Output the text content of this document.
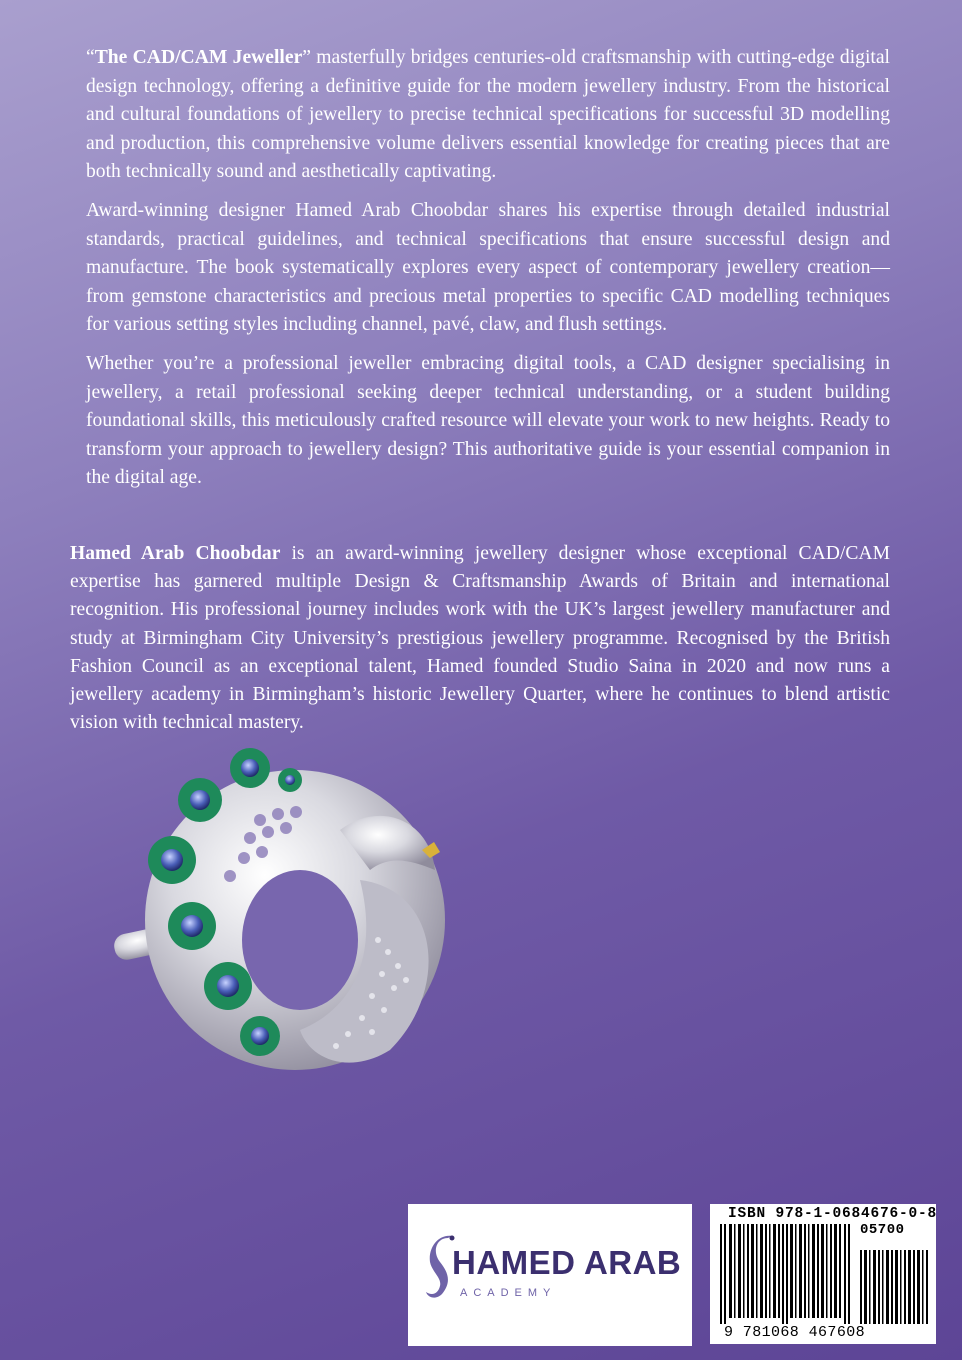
“The CAD/CAM Jeweller” masterfully bridges centuries-old craftsmanship with cutting-edge digital design technology, offering a definitive guide for the modern jewellery industry. From the historical and cultural foundations of jewellery to precise technical specifications for successful 3D modelling and production, this comprehensive volume delivers essential knowledge for creating pieces that are both technically sound and aesthetically captivating.

Award-winning designer Hamed Arab Choobdar shares his expertise through detailed industrial standards, practical guidelines, and technical specifications that ensure successful design and manufacture. The book systematically explores every aspect of contemporary jewellery creation—from gemstone characteristics and precious metal properties to specific CAD modelling techniques for various setting styles including channel, pavé, claw, and flush settings.

Whether you’re a professional jeweller embracing digital tools, a CAD designer specialising in jewellery, a retail professional seeking deeper technical understanding, or a student building foundational skills, this meticulously crafted resource will elevate your work to new heights. Ready to transform your approach to jewellery design? This authoritative guide is your essential companion in the digital age.

Hamed Arab Choobdar is an award-winning jewellery designer whose exceptional CAD/CAM expertise has garnered multiple Design & Craftsmanship Awards of Britain and international recognition. His professional journey includes work with the UK’s largest jewellery manufacturer and study at Birmingham City University’s prestigious jewellery programme. Recognised by the British Fashion Council as an exceptional talent, Hamed founded Studio Saina in 2020 and now runs a jewellery academy in Birmingham’s historic Jewellery Quarter, where he continues to blend artistic vision with technical mastery.

HAMED ARAB
ACADEMY
ISBN 978-1-0684676-0-8
05700
9 781068 467608
